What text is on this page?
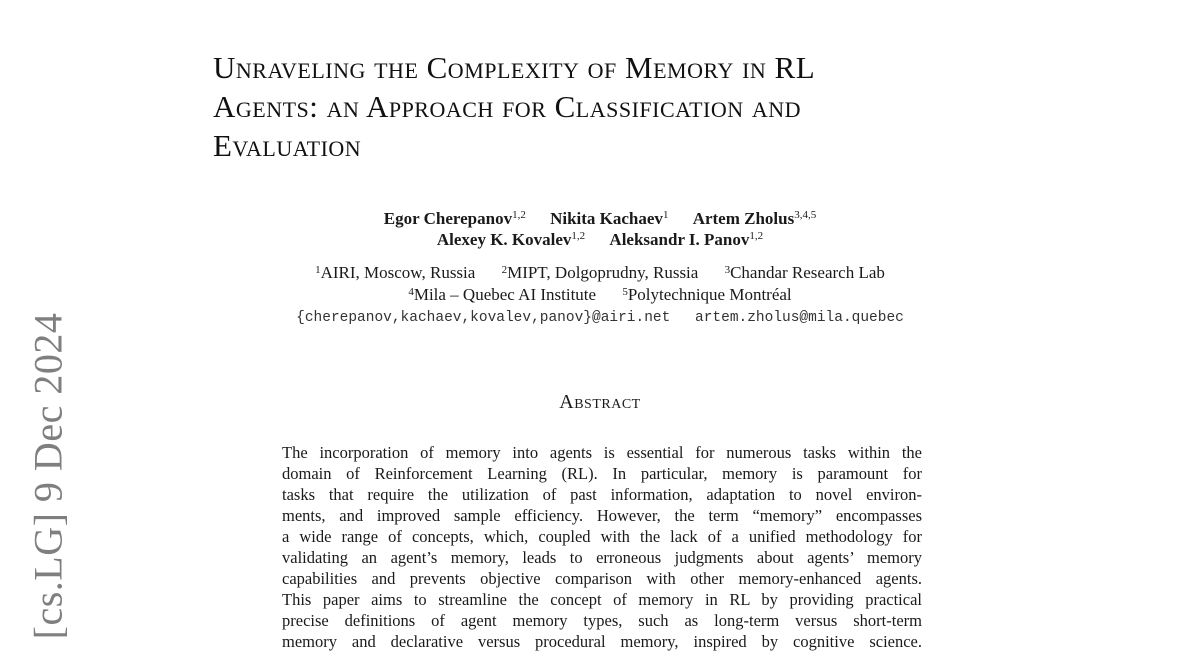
[cs.LG] 9 Dec 2024
Unraveling the Complexity of Memory in RL
Agents: an Approach for Classification and
Evaluation
Egor Cherepanov$^{1,2}$ Nikita Kachaev$^1$ Artem Zholus$^{3,4,5}$
Alexey K. Kovalev$^{1,2}$ Aleksandr I. Panov$^{1,2}$
$^1$AIRI, Moscow, Russia $^2$MIPT, Dolgoprudny, Russia $^3$Chandar Research Lab
$^4$Mila – Quebec AI Institute $^5$Polytechnique Montréal
{cherepanov,kachaev,kovalev,panov}@airi.net artem.zholus@mila.quebec
Abstract
The incorporation of memory into agents is essential for numerous tasks within the
domain of Reinforcement Learning (RL). In particular, memory is paramount for
tasks that require the utilization of past information, adaptation to novel environ-
ments, and improved sample efficiency. However, the term “memory” encompasses
a wide range of concepts, which, coupled with the lack of a unified methodology for
validating an agent’s memory, leads to erroneous judgments about agents’ memory
capabilities and prevents objective comparison with other memory-enhanced agents.
This paper aims to streamline the concept of memory in RL by providing practical
precise definitions of agent memory types, such as long-term versus short-term
memory and declarative versus procedural memory, inspired by cognitive science.
